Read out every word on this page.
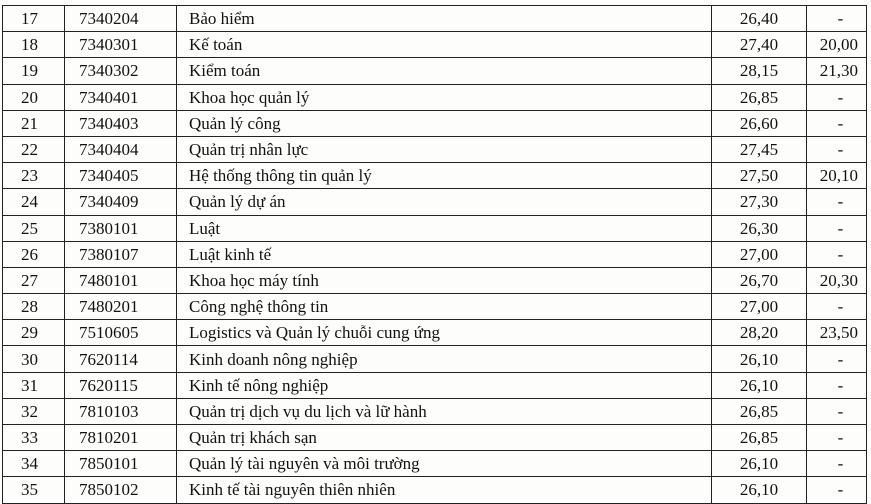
17	7340204	Bảo hiểm	26,40	-
18	7340301	Kế toán	27,40	20,00
19	7340302	Kiểm toán	28,15	21,30
20	7340401	Khoa học quản lý	26,85	-
21	7340403	Quản lý công	26,60	-
22	7340404	Quản trị nhân lực	27,45	-
23	7340405	Hệ thống thông tin quản lý	27,50	20,10
24	7340409	Quản lý dự án	27,30	-
25	7380101	Luật	26,30	-
26	7380107	Luật kinh tế	27,00	-
27	7480101	Khoa học máy tính	26,70	20,30
28	7480201	Công nghệ thông tin	27,00	-
29	7510605	Logistics và Quản lý chuỗi cung ứng	28,20	23,50
30	7620114	Kinh doanh nông nghiệp	26,10	-
31	7620115	Kinh tế nông nghiệp	26,10	-
32	7810103	Quản trị dịch vụ du lịch và lữ hành	26,85	-
33	7810201	Quản trị khách sạn	26,85	-
34	7850101	Quản lý tài nguyên và môi trường	26,10	-
35	7850102	Kinh tế tài nguyên thiên nhiên	26,10	-
